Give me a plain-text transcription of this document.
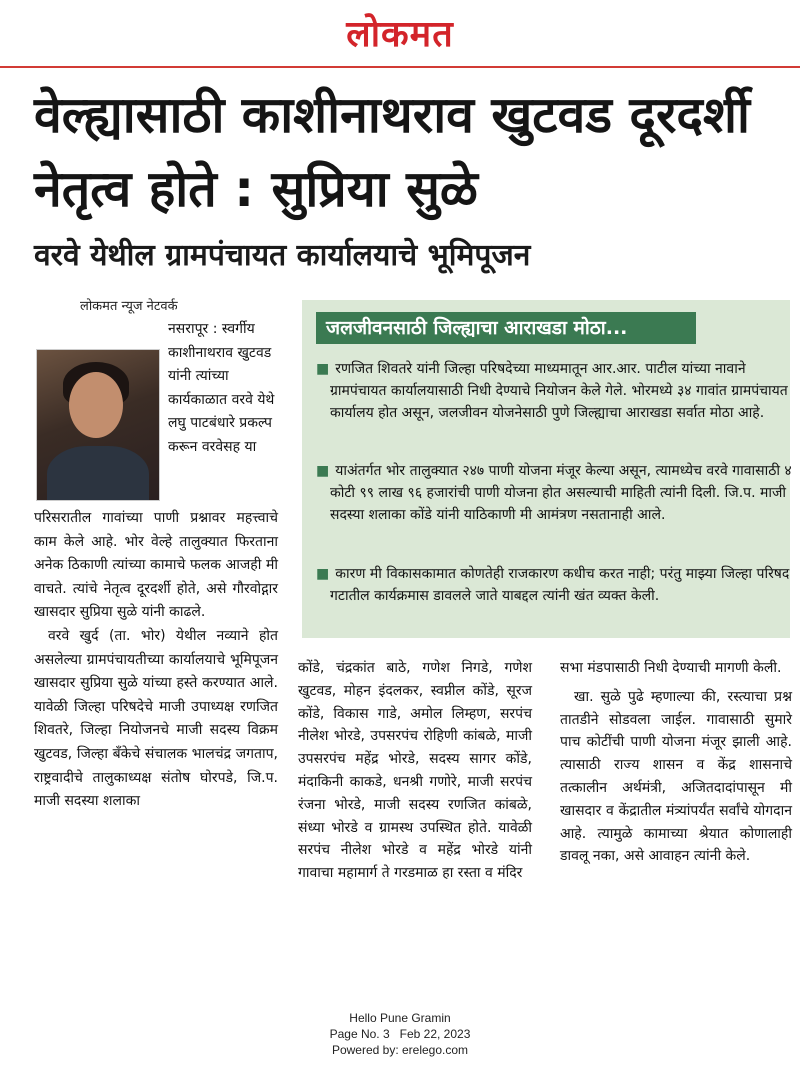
लोकमत
वेल्ह्यासाठी काशीनाथराव खुटवड दूरदर्शी नेतृत्व होते : सुप्रिया सुळे
वरवे येथील ग्रामपंचायत कार्यालयाचे भूमिपूजन
लोकमत न्यूज नेटवर्क
नसरापूर : स्वर्गीय काशीनाथराव खुटवड यांनी त्यांच्या कार्यकाळात वरवे येथे लघु पाटबंधारे प्रकल्प करून वरवेसह या

परिसरातील गावांच्या पाणी प्रश्नावर महत्त्वाचे काम केले आहे. भोर वेल्हे तालुक्यात फिरताना अनेक ठिकाणी त्यांच्या कामाचे फलक आजही मी वाचते. त्यांचे नेतृत्व दूरदर्शी होते, असे गौरवोद्गार खासदार सुप्रिया सुळे यांनी काढले.

वरवे खुर्द (ता. भोर) येथील नव्याने होत असलेल्या ग्रामपंचायतीच्या कार्यालयाचे भूमिपूजन खासदार सुप्रिया सुळे यांच्या हस्ते करण्यात आले. यावेळी जिल्हा परिषदेचे माजी उपाध्यक्ष रणजित शिवतरे, जिल्हा नियोजनचे माजी सदस्य विक्रम खुटवड, जिल्हा बँकेचे संचालक भालचंद्र जगताप, राष्ट्रवादीचे तालुकाध्यक्ष संतोष घोरपडे, जि.प. माजी सदस्या शलाका

जलजीवनसाठी जिल्ह्याचा आराखडा मोठा...
■ रणजित शिवतरे यांनी जिल्हा परिषदेच्या माध्यमातून आर.आर. पाटील यांच्या नावाने ग्रामपंचायत कार्यालयासाठी निधी देण्याचे नियोजन केले गेले. भोरमध्ये ३४ गावांत ग्रामपंचायत कार्यालय होत असून, जलजीवन योजनेसाठी पुणे जिल्ह्याचा आराखडा सर्वात मोठा आहे.
■ याअंतर्गत भोर तालुक्यात २४७ पाणी योजना मंजूर केल्या असून, त्यामध्येच वरवे गावासाठी ४ कोटी ९९ लाख ९६ हजारांची पाणी योजना होत असल्याची माहिती त्यांनी दिली. जि.प. माजी सदस्या शलाका कोंडे यांनी याठिकाणी मी आमंत्रण नसतानाही आले.
■ कारण मी विकासकामात कोणतेही राजकारण कधीच करत नाही; परंतु माझ्या जिल्हा परिषद गटातील कार्यक्रमास डावलले जाते याबद्दल त्यांनी खंत व्यक्त केली.

कोंडे, चंद्रकांत बाठे, गणेश निगडे, गणेश खुटवड, मोहन इंदलकर, स्वप्नील कोंडे, सूरज कोंडे, विकास गाडे, अमोल लिम्हण, सरपंच नीलेश भोरडे, उपसरपंच रोहिणी कांबळे, माजी उपसरपंच महेंद्र भोरडे, सदस्य सागर कोंडे, मंदाकिनी काकडे, धनश्री गणोरे, माजी सरपंच रंजना भोरडे, माजी सदस्य रणजित कांबळे, संध्या भोरडे व ग्रामस्थ उपस्थित होते. यावेळी सरपंच नीलेश भोरडे व महेंद्र भोरडे यांनी गावाचा महामार्ग ते गरडमाळ हा रस्ता व मंदिर

सभा मंडपासाठी निधी देण्याची मागणी केली.

खा. सुळे पुढे म्हणाल्या की, रस्त्याचा प्रश्न तातडीने सोडवला जाईल. गावासाठी सुमारे पाच कोटींची पाणी योजना मंजूर झाली आहे. त्यासाठी राज्य शासन व केंद्र शासनाचे तत्कालीन अर्थमंत्री, अजितदादांपासून मी खासदार व केंद्रातील मंत्र्यांपर्यंत सर्वांचे योगदान आहे. त्यामुळे कामाच्या श्रेयात कोणालाही डावलू नका, असे आवाहन त्यांनी केले.

Hello Pune Gramin
Page No. 3   Feb 22, 2023
Powered by: erelego.com
